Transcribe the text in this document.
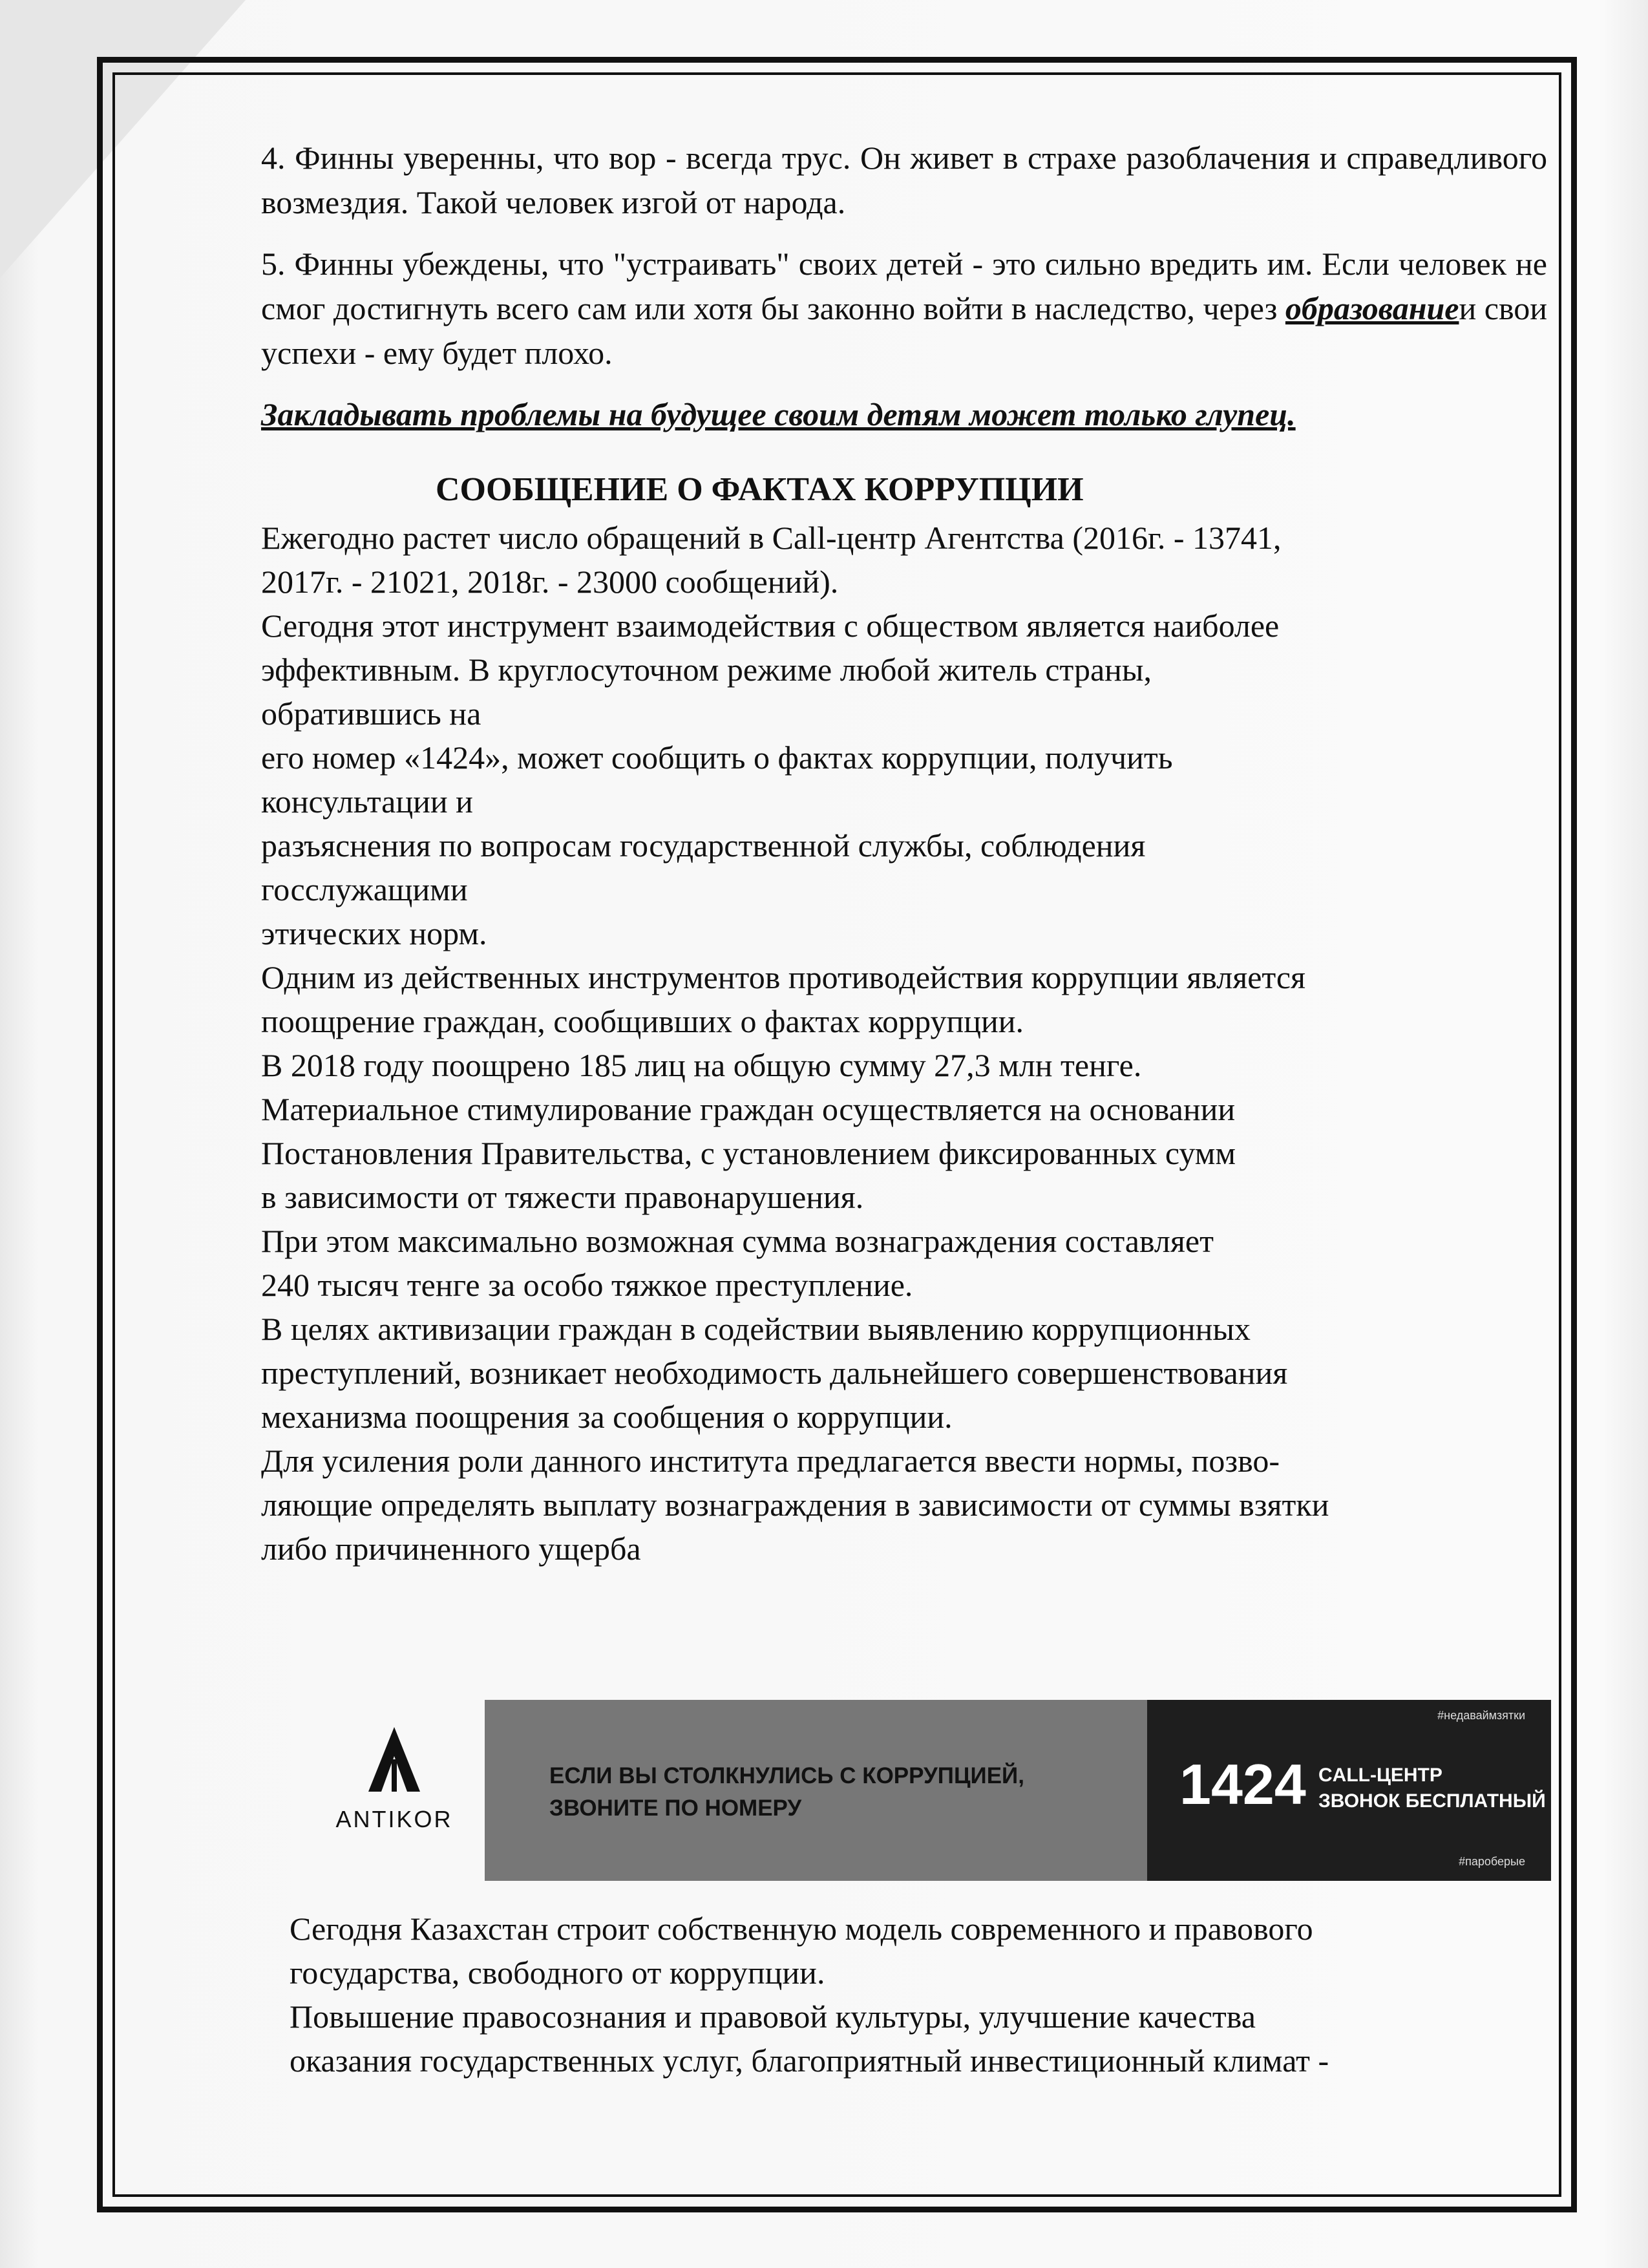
4. Финны уверенны, что вор - всегда трус. Он живет в страхе разоблачения и справедливого возмездия. Такой человек изгой от народа.

5. Финны убеждены, что "устраивать" своих детей - это сильно вредить им. Если человек не смог достигнуть всего сам или хотя бы законно войти в наследство, через образованиеи свои успехи - ему будет плохо.

Закладывать проблемы на будущее своим детям может только глупец.

СООБЩЕНИЕ О ФАКТАХ КОРРУПЦИИ

Ежегодно растет число обращений в Call-центр Агентства (2016г. - 13741,

2017г. - 21021, 2018г. - 23000 сообщений).

Сегодня этот инструмент взаимодействия с обществом является наиболее

эффективным. В круглосуточном режиме любой житель страны,

обратившись на

его номер «1424», может сообщить о фактах коррупции, получить

консультации и

разъяснения по вопросам государственной службы, соблюдения

госслужащими

этических норм.

Одним из действенных инструментов противодействия коррупции является

поощрение граждан, сообщивших о фактах коррупции.

В 2018 году поощрено 185 лиц на общую сумму 27,3 млн тенге.

Материальное стимулирование граждан осуществляется на основании

Постановления Правительства, с установлением фиксированных сумм

в зависимости от тяжести правонарушения.

При этом максимально возможная сумма вознаграждения составляет

240 тысяч тенге за особо тяжкое преступление.

В целях активизации граждан в содействии выявлению коррупционных

преступлений, возникает необходимость дальнейшего совершенствования

механизма поощрения за сообщения о коррупции.

Для усиления роли данного института предлагается ввести нормы, позво-

ляющие определять выплату вознаграждения в зависимости от суммы взятки

либо причиненного ущерба

ANTIKOR
ЕСЛИ ВЫ СТОЛКНУЛИСЬ С КОРРУПЦИЕЙ,
ЗВОНИТЕ ПО НОМЕРУ
#недаваймзятки
1424 CALL-ЦЕНТР
ЗВОНОК БЕСПЛАТНЫЙ
#пароберые

Сегодня Казахстан строит собственную модель современного и правового

государства, свободного от коррупции.

Повышение правосознания и правовой культуры, улучшение качества

оказания государственных услуг, благоприятный инвестиционный климат -
